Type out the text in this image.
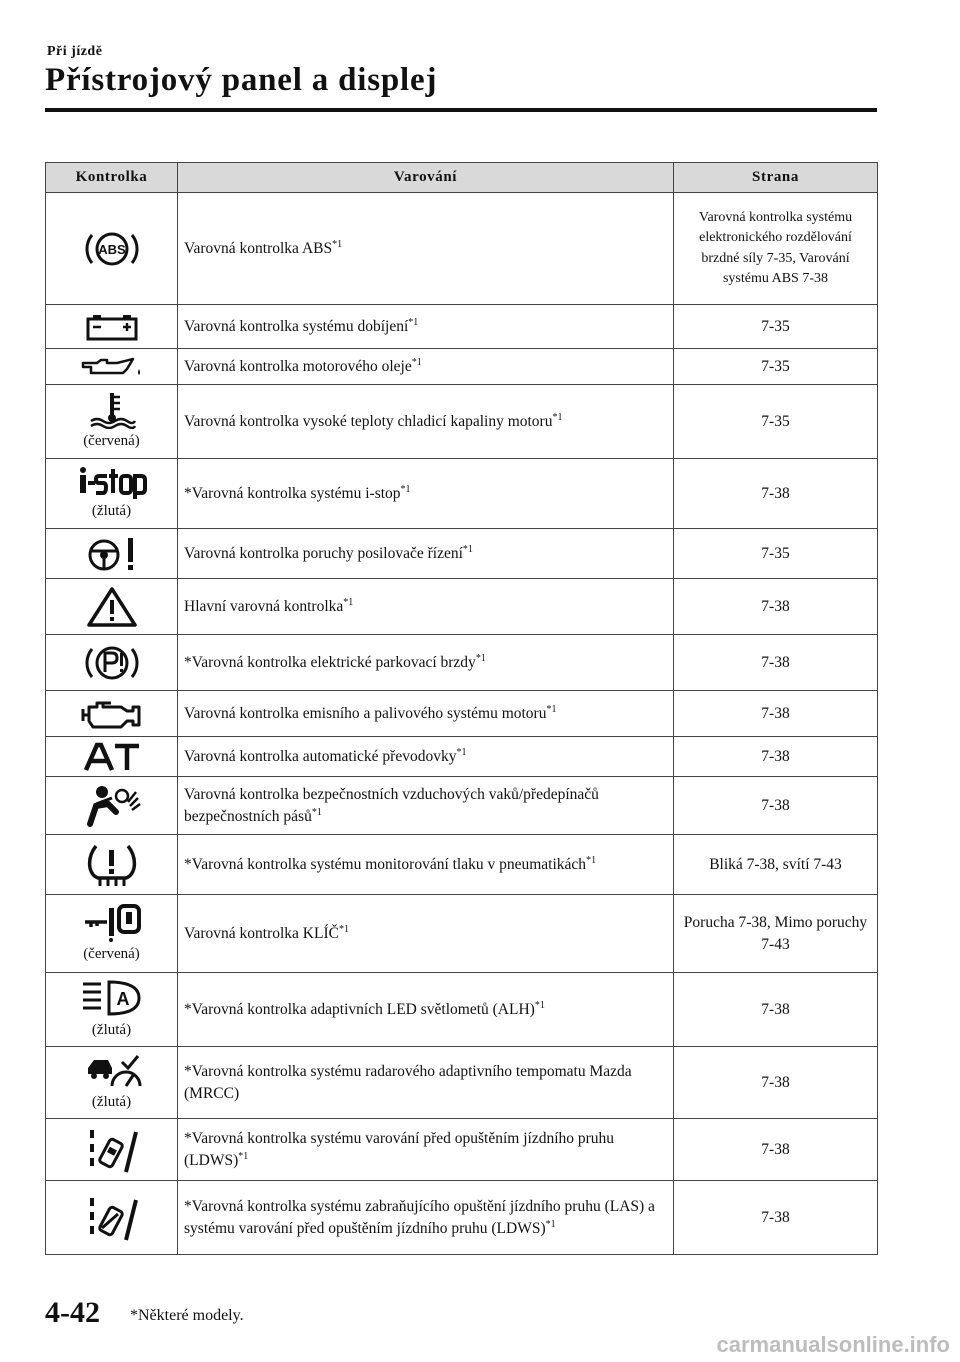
Při jízdě
Přístrojový panel a displej
Kontrolka	Varování	Strana

ABS	Varovná kontrolka ABS$^{*1}$	Varovná kontrolka systému elektronického rozdělování brzdné síly 7-35, Varování systému ABS 7-38

	Varovná kontrolka systému dobíjení$^{*1}$	7-35

	Varovná kontrolka motorového oleje$^{*1}$	7-35

(červená)	Varovná kontrolka vysoké teploty chladicí kapaliny motoru$^{*1}$	7-35

(žlutá)	*Varovná kontrolka systému i-stop$^{*1}$	7-38

	Varovná kontrolka poruchy posilovače řízení$^{*1}$	7-35

	Hlavní varovná kontrolka$^{*1}$	7-38

	*Varovná kontrolka elektrické parkovací brzdy$^{*1}$	7-38

	Varovná kontrolka emisního a palivového systému motoru$^{*1}$	7-38

	Varovná kontrolka automatické převodovky$^{*1}$	7-38

	Varovná kontrolka bezpečnostních vzduchových vaků/předepínačů bezpečnostních pásů$^{*1}$	7-38

	*Varovná kontrolka systému monitorování tlaku v pneumatikách$^{*1}$	Bliká 7-38, svítí 7-43

(červená)	Varovná kontrolka KLÍČ$^{*1}$	Porucha 7-38, Mimo poruchy 7-43

A
(žlutá)	*Varovná kontrolka adaptivních LED světlometů (ALH)$^{*1}$	7-38

(žlutá)	*Varovná kontrolka systému radarového adaptivního tempomatu Mazda (MRCC)	7-38

	*Varovná kontrolka systému varování před opuštěním jízdního pruhu (LDWS)$^{*1}$	7-38

	*Varovná kontrolka systému zabraňujícího opuštění jízdního pruhu (LAS) a systému varování před opuštěním jízdního pruhu (LDWS)$^{*1}$	7-38
4-42 *Některé modely.
carmanualsonline.info
